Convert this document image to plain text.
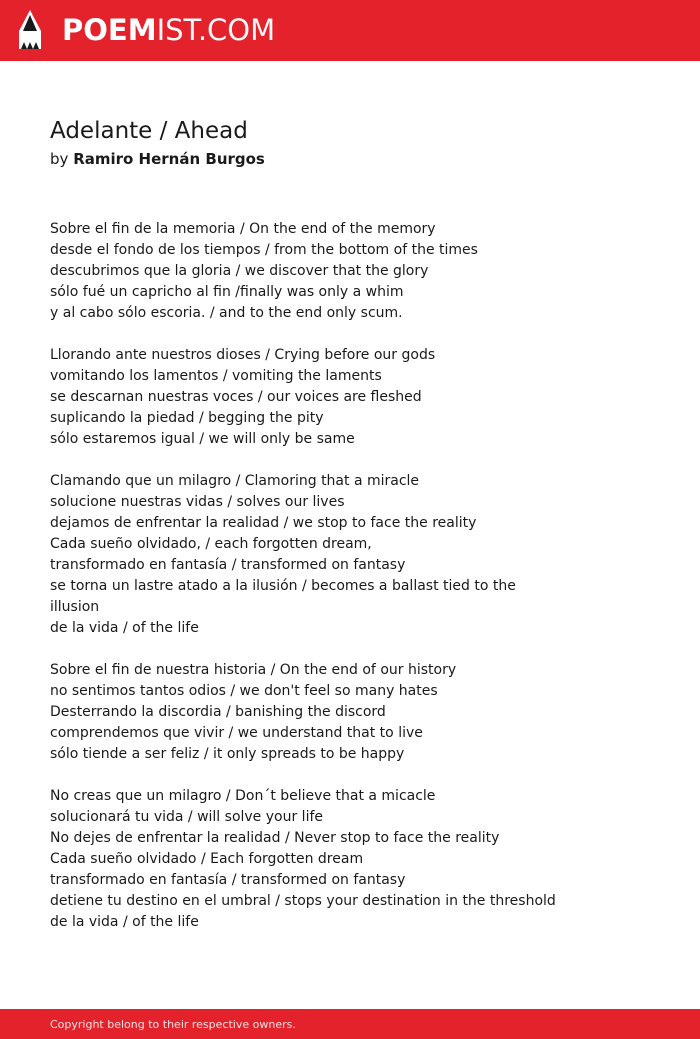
POEMIST.COM
Adelante / Ahead
by Ramiro Hernán Burgos
Sobre el fin de la memoria / On the end of the memory
desde el fondo de los tiempos / from the bottom of the times
descubrimos que la gloria / we discover that the glory
sólo fué un capricho al fin /finally was only a whim
y al cabo sólo escoria. / and to the end only scum.
Llorando ante nuestros dioses / Crying before our gods
vomitando los lamentos / vomiting the laments
se descarnan nuestras voces / our voices are fleshed
suplicando la piedad / begging the pity
sólo estaremos igual / we will only be same
Clamando que un milagro / Clamoring that a miracle
solucione nuestras vidas / solves our lives
dejamos de enfrentar la realidad / we stop to face the reality
Cada sueño olvidado, / each forgotten dream,
transformado en fantasía / transformed on fantasy
se torna un lastre atado a la ilusión / becomes a ballast tied to the
illusion
de la vida / of the life
Sobre el fin de nuestra historia / On the end of our history
no sentimos tantos odios / we don't feel so many hates
Desterrando la discordia / banishing the discord
comprendemos que vivir / we understand that to live
sólo tiende a ser feliz / it only spreads to be happy
No creas que un milagro / Don´t believe that a micacle
solucionará tu vida / will solve your life
No dejes de enfrentar la realidad / Never stop to face the reality
Cada sueño olvidado / Each forgotten dream
transformado en fantasía / transformed on fantasy
detiene tu destino en el umbral / stops your destination in the threshold
de la vida / of the life
Copyright belong to their respective owners.
